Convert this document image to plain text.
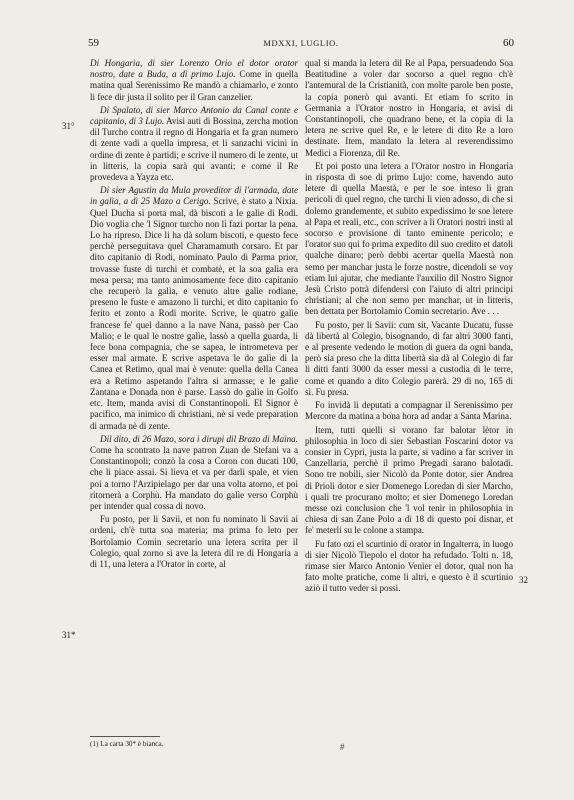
59	MDXXI, LUGLIO.	60

Di Hongaria, di sier Lorenzo Orio el dotor orator nostro, date a Buda, a dì primo Lujo. Come in quella matina qual Serenissimo Re mandò a chiamarlo, e zonto li fece dir justa il solito per il Gran canzelier.

Di Spalato, di sier Marco Antonio da Canal conte e capitanio, di 3 Lujo. Avisi auti di Bossina, zercha motion dil Turcho contra il regno di Hongaria et fa gran numero di zente vadi a quella impresa, et li sanzachi vicini in ordine di zente è partidi; e scrive il numero di le zente, ut in litteris, la copia sarà qui avanti; e come il Re provedeva a Yayza etc.

Di sier Agustin da Mula proveditor di l'armada, date in galìa, a dì 25 Mazo a Cerigo. Scrive, è stato a Nixia. Quel Ducha si porta mal, dà biscoti a le galìe di Rodi. Dio voglia che 'l Signor turcho non li fazi portar la pena. Lo ha ripreso. Dice li ha dà solum biscoti, e questo fece perchè perseguitava quel Charamamuth corsaro. Et par dito capitanio di Rodi, nominato Paulo di Parma prior, trovasse fuste di turchi et combatè, et la soa galìa era mesa persa; ma tanto animosamente fece dito capitanio che recuperò la galìa, e venuto altre galìe rodiane, preseno le fuste e amazono li turchi, et dito capitanio fo ferito et zonto a Rodi morite. Scrive, le quatro galìe francese fe' quel danno a la nave Nana, passò per Cao Malio; e le qual le nostre galìe, lassò a quella guarda, li fece bona compagnia, che se sapea, le intrometeva per esser mal armate. E scrive aspetava le do galìe di la Canea et Retimo, qual mai è venute: quella della Canea era a Retimo aspetando l'altra si armasse; e le galìe Zantana e Donada non è parse. Lassò do galìe in Golfo etc. Item, manda avisi di Constantinopoli. El Signor è pacifico, ma inimico di christiani, nè si vede preparation di armada nè di zente.

Dil dito, di 26 Mazo, sora i dirupi dil Brazo di Maina. Come ha scontrato la nave patron Zuan de Stefani va a Constantinopoli; conzò la cosa a Coron con ducati 100, che li piace assai. Si lieva et va per darli spale, et vien poi a torno l'Arzipielago per dar una volta atorno, et poi ritornerà a Corphù. Ha mandato do galìe verso Corphù per intender qual cossa di novo.

Fu posto, per li Savii, et non fu nominato li Savii ai ordeni, ch'è tutta soa materia; ma prima fo leto per Bortolamio Comin secretario una letera scrita per il Colegio, qual zorno sì ave la letera dil re di Hongaria a dì 11, una letera a l'Orator in corte, al

31°
31*

qual si manda la letera dil Re al Papa, persuadendo Soa Beatitudine a voler dar socorso a quel regno ch'è l'antemural de la Cristianità, con molte parole ben poste, la copia ponerò qui avanti. Et etiam fo scrito in Germania a l'Orator nostro in Hongaria, et avisi di Constantinopoli, che quadrano bene, et la copia di la letera ne scrive quel Re, e le letere di dito Re a loro destinate. Item, mandato la letera al reverendissimo Medici a Fiorenza, dil Re.

Et poi posto una letera a l'Orator nostro in Hongaria in risposta di soe di primo Lujo: come, havendo auto letere di quella Maestà, e per le soe inteso li gran pericoli di quel regno, che turchi li vien adosso, di che si dolemo grandemente, et subito expedissimo le soe letere al Papa et reali, etc., con scriver a li Oratori nostri insti al socorso e provisione di tanto eminente pericolo; e l'orator suo qui fo prima expedito dil suo credito et datoli qualche dinaro; però debbi acertar quella Maestà non semo per manchar justa le forze nostre, dicendoli se voy etiam lui ajutar, che mediante l'auxilio dil Nostro Signor Jesù Cristo potrà difendersi con l'aiuto di altri principi christiani; al che non semo per manchar, ut in litteris, ben dettata per Bortolamio Comin secretario. Ave . . .

Fu posto, per li Savii: cum sit, Vacante Ducatu, fusse dà libertà al Colegio, bisognando, di far altri 3000 fanti, e al presente vedendo le motion di guera da ogni banda, però sia preso che la ditta libertà sia dà al Colegio di far li ditti fanti 3000 da esser messi a custodia di le terre, come et quando a dito Colegio parerà. 29 di no, 165 di sì. Fu presa.

Fo invidà li deputati a compagnar il Serenissimo per Mercore da matina a bona hora ad andar a Santa Marina.

Item, tutti quelli si vorano far balotar lètor in philosophia in loco di sier Sebastian Foscarini dotor va consier in Cypri, justa la parte, si vadino a far scriver in Canzellaria, perchè il primo Pregadi sarano balotadi. Sono tre nobili, sier Nicolò da Ponte dotor, sier Andrea di Prioli dotor e sier Domenego Loredan di sier Marcho, i quali tre procurano molto; et sier Domenego Loredan messe ozi conclusion che 'l vol tenir in philosophia in chiesa di san Zane Polo a dì 18 di questo poi disnar, et fe' meterli su le colone a stampa.

Fu fato ozi el scurtinio di orator in Ingalterra, in luogo di sier Nicolò Tiepolo el dotor ha refudado. Tolti n. 18, rimase sier Marco Antonio Venier el dotor, qual non ha fato molte pratiche, come li altri, e questo è il scurtinio aziò il tutto veder si possi.

32
(1) La carta 30* è bianca.	#
